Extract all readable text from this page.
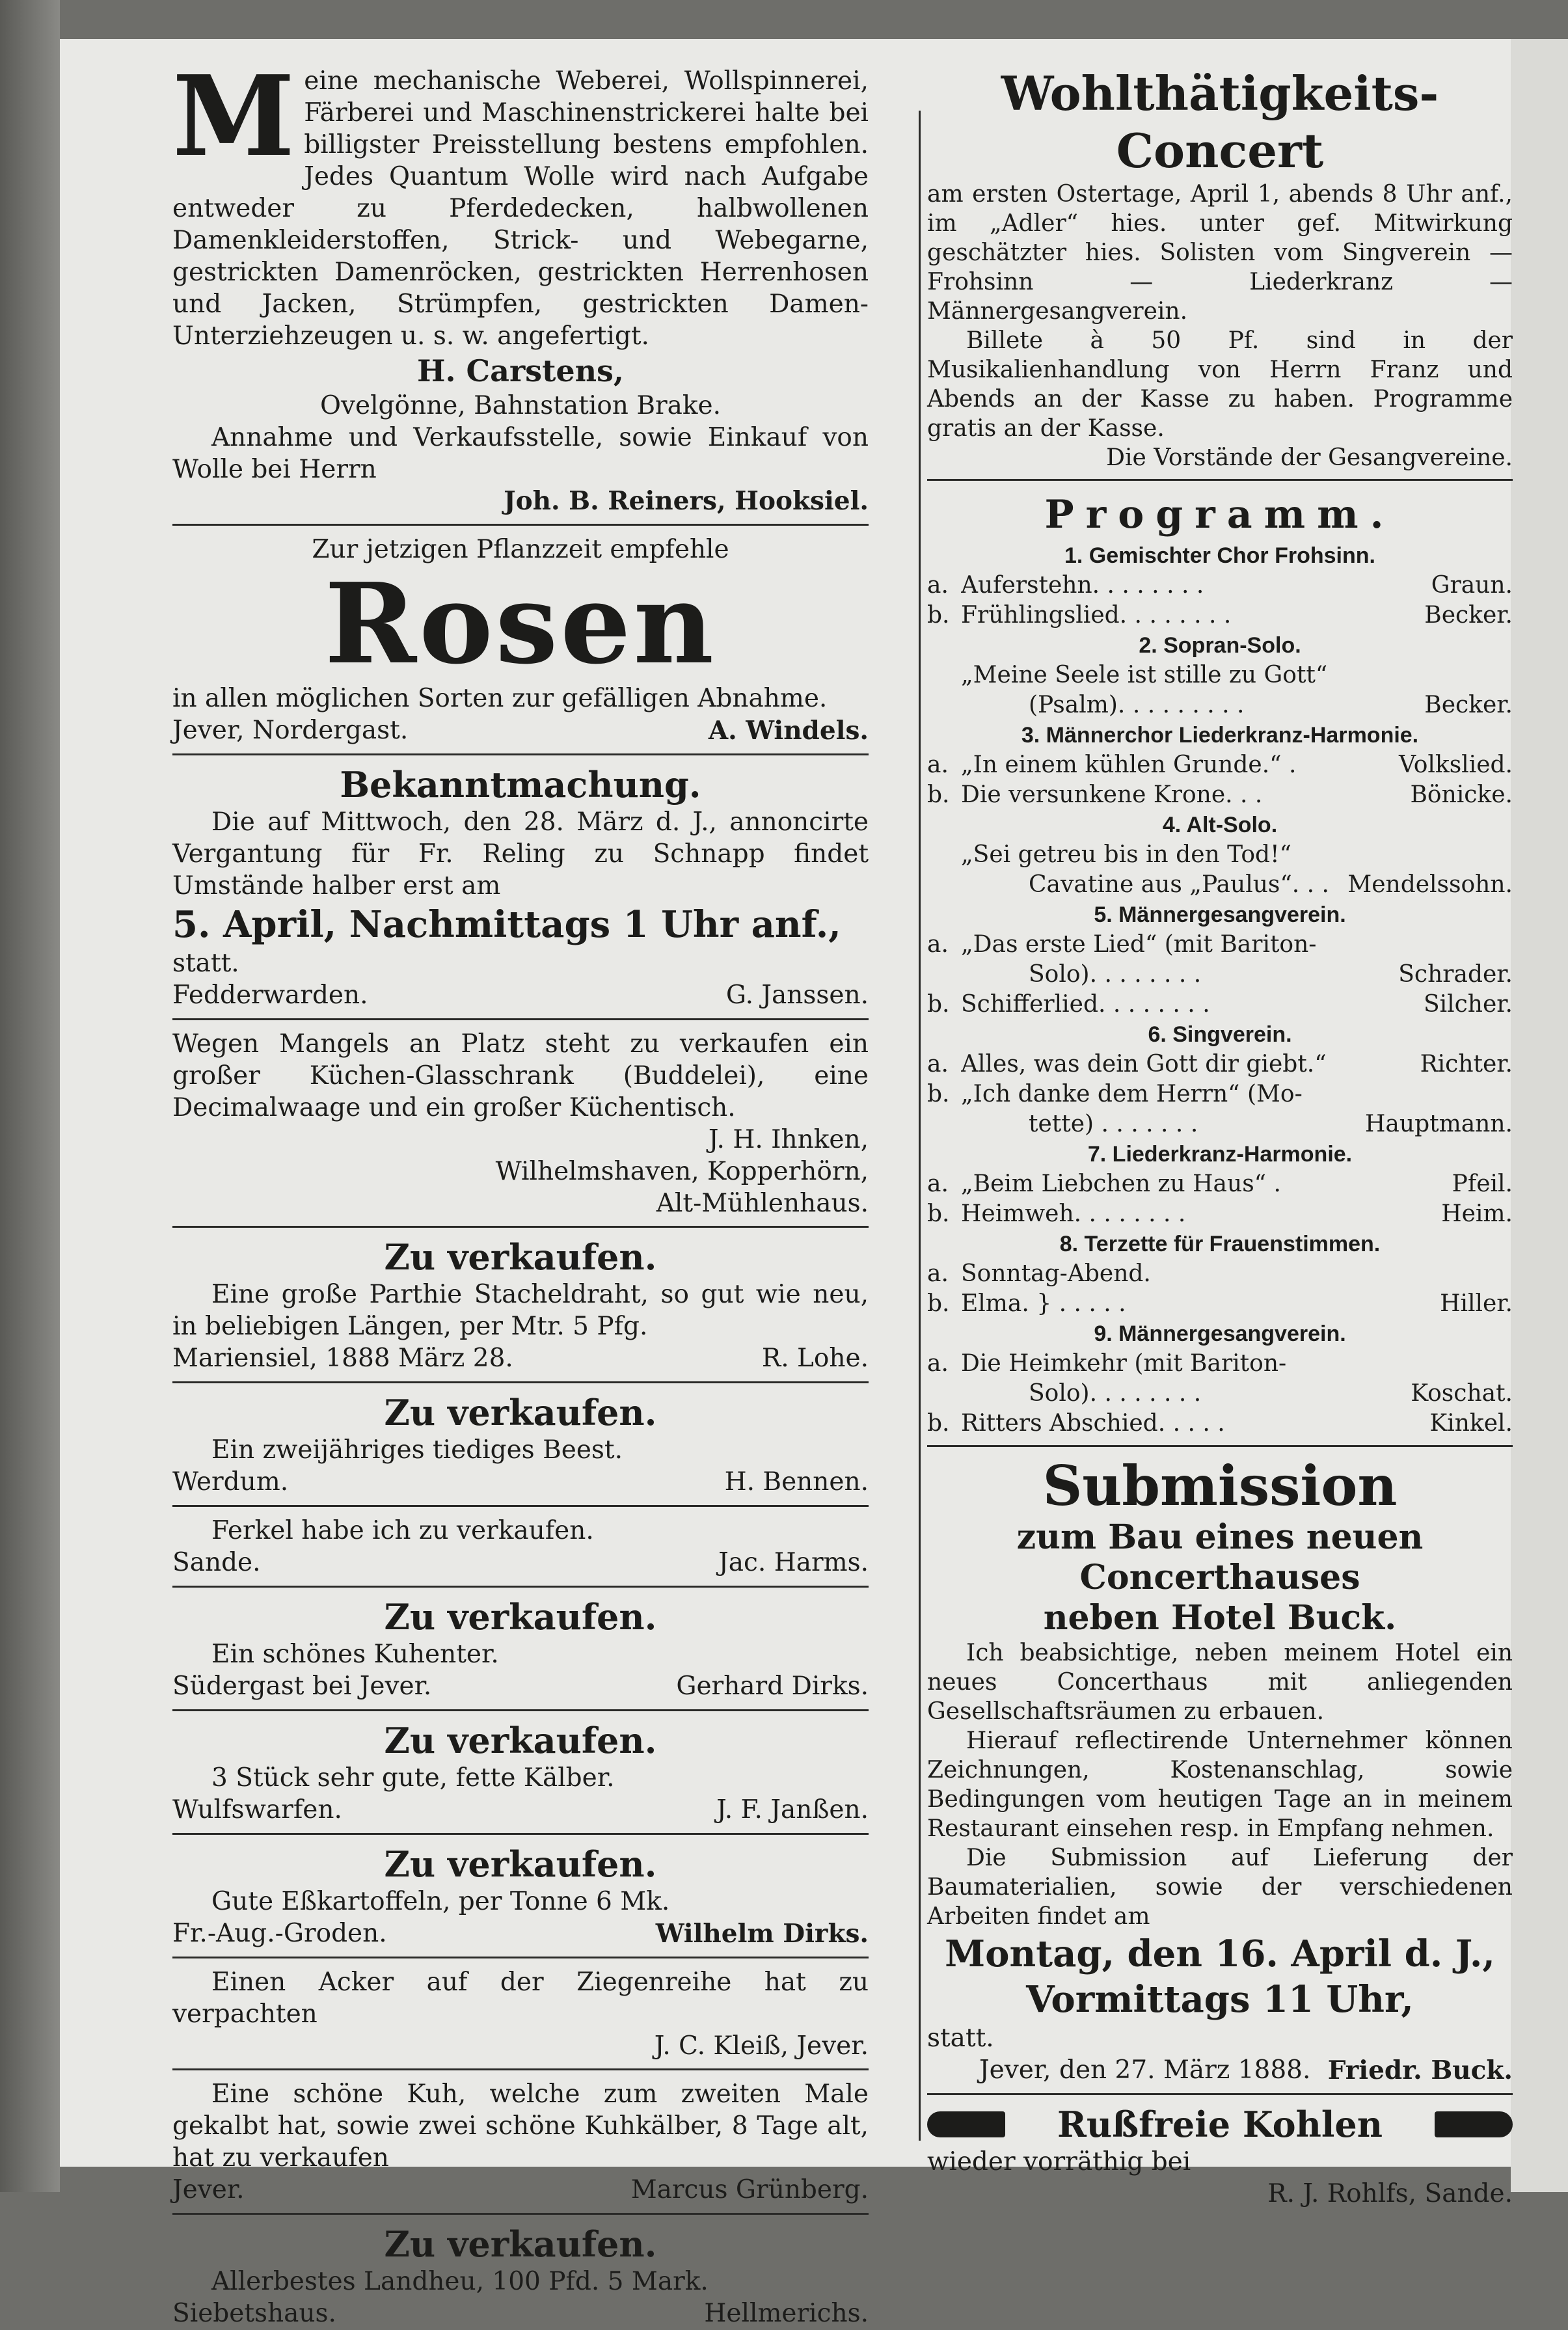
M eine mechanische Weberei, Wollspinnerei, Färberei und Maschinenstrickerei halte bei billigster Preisstellung bestens empfohlen. Jedes Quantum Wolle wird nach Aufgabe entweder zu Pferdedecken, halbwollenen Damenkleiderstoffen, Strick- und Webegarne, gestrickten Damenröcken, gestrickten Herrenhosen und Jacken, Strümpfen, gestrickten Damen-Unterziehzeugen u. s. w. angefertigt.

H. Carstens,
Ovelgönne, Bahnstation Brake.

Annahme und Verkaufsstelle, sowie Einkauf von Wolle bei Herrn

Joh. B. Reiners, Hooksiel.
Zur jetzigen Pflanzzeit empfehle
Rosen

in allen möglichen Sorten zur gefälligen Abnahme.

Jever, Nordergast.	A. Windels.
Bekanntmachung.

Die auf Mittwoch, den 28. März d. J., annoncirte Vergantung für Fr. Reling zu Schnapp findet Umstände halber erst am

5. April, Nachmittags 1 Uhr anf.,
statt.
Fedderwarden.	G. Janssen.

Wegen Mangels an Platz steht zu verkaufen ein großer Küchen-Glasschrank (Buddelei), eine Decimalwaage und ein großer Küchentisch.

J. H. Ihnken,
Wilhelmshaven, Kopperhörn,
Alt-Mühlenhaus.
Zu verkaufen.

Eine große Parthie Stacheldraht, so gut wie neu, in beliebigen Längen, per Mtr. 5 Pfg.

Mariensiel, 1888 März 28.	R. Lohe.
Zu verkaufen.

Ein zweijähriges tiediges Beest.

Werdum.	H. Bennen.

Ferkel habe ich zu verkaufen.

Sande.	Jac. Harms.
Zu verkaufen.

Ein schönes Kuhenter.

Südergast bei Jever.	Gerhard Dirks.
Zu verkaufen.

3 Stück sehr gute, fette Kälber.

Wulfswarfen.	J. F. Janßen.
Zu verkaufen.

Gute Eßkartoffeln, per Tonne 6 Mk.

Fr.-Aug.-Groden.	Wilhelm Dirks.

Einen Acker auf der Ziegenreihe hat zu verpachten

J. C. Kleiß, Jever.

Eine schöne Kuh, welche zum zweiten Male gekalbt hat, sowie zwei schöne Kuhkälber, 8 Tage alt, hat zu verkaufen

Jever.	Marcus Grünberg.
Zu verkaufen.

Allerbestes Landheu, 100 Pfd. 5 Mark.

Siebetshaus.	Hellmerichs.
Wohlthätigkeits-Concert

am ersten Ostertage, April 1, abends 8 Uhr anf., im „Adler“ hies. unter gef. Mitwirkung geschätzter hies. Solisten vom Singverein — Frohsinn — Liederkranz — Männergesangverein.

Billete à 50 Pf. sind in der Musikalienhandlung von Herrn Franz und Abends an der Kasse zu haben. Programme gratis an der Kasse.

Die Vorstände der Gesangvereine.
Programm.
1. Gemischter Chor Frohsinn.
a. Auferstehn. . . . . . . .	Graun.
b. Frühlingslied. . . . . . . .	Becker.
2. Sopran-Solo.
„Meine Seele ist stille zu Gott“
(Psalm). . . . . . . . .	Becker.
3. Männerchor Liederkranz-Harmonie.
a. „In einem kühlen Grunde.“ .	Volkslied.
b. Die versunkene Krone. . .	Bönicke.
4. Alt-Solo.
„Sei getreu bis in den Tod!“
Cavatine aus „Paulus“. . . Mendelssohn.
5. Männergesangverein.
a. „Das erste Lied“ (mit Bariton-
Solo). . . . . . . .	Schrader.
b. Schifferlied. . . . . . . .	Silcher.
6. Singverein.
a. Alles, was dein Gott dir giebt.“	Richter.
b. „Ich danke dem Herrn“ (Mo-
tette) . . . . . . .	Hauptmann.
7. Liederkranz-Harmonie.
a. „Beim Liebchen zu Haus“ .	Pfeil.
b. Heimweh. . . . . . . .	Heim.
8. Terzette für Frauenstimmen.
a. Sonntag-Abend.
b. Elma. } . . . . .	Hiller.
9. Männergesangverein.
a. Die Heimkehr (mit Bariton-
Solo). . . . . . . .	Koschat.
b. Ritters Abschied. . . . .	Kinkel.
Submission
zum Bau eines neuen Concerthauses
neben Hotel Buck.

Ich beabsichtige, neben meinem Hotel ein neues Concerthaus mit anliegenden Gesellschaftsräumen zu erbauen.

Hierauf reflectirende Unternehmer können Zeichnungen, Kostenanschlag, sowie Bedingungen vom heutigen Tage an in meinem Restaurant einsehen resp. in Empfang nehmen.

Die Submission auf Lieferung der Baumaterialien, sowie der verschiedenen Arbeiten findet am

Montag, den 16. April d. J.,
Vormittags 11 Uhr,
statt.
Jever, den 27. März 1888. Friedr. Buck.
Rußfreie Kohlen
wieder vorräthig bei
R. J. Rohlfs, Sande.
